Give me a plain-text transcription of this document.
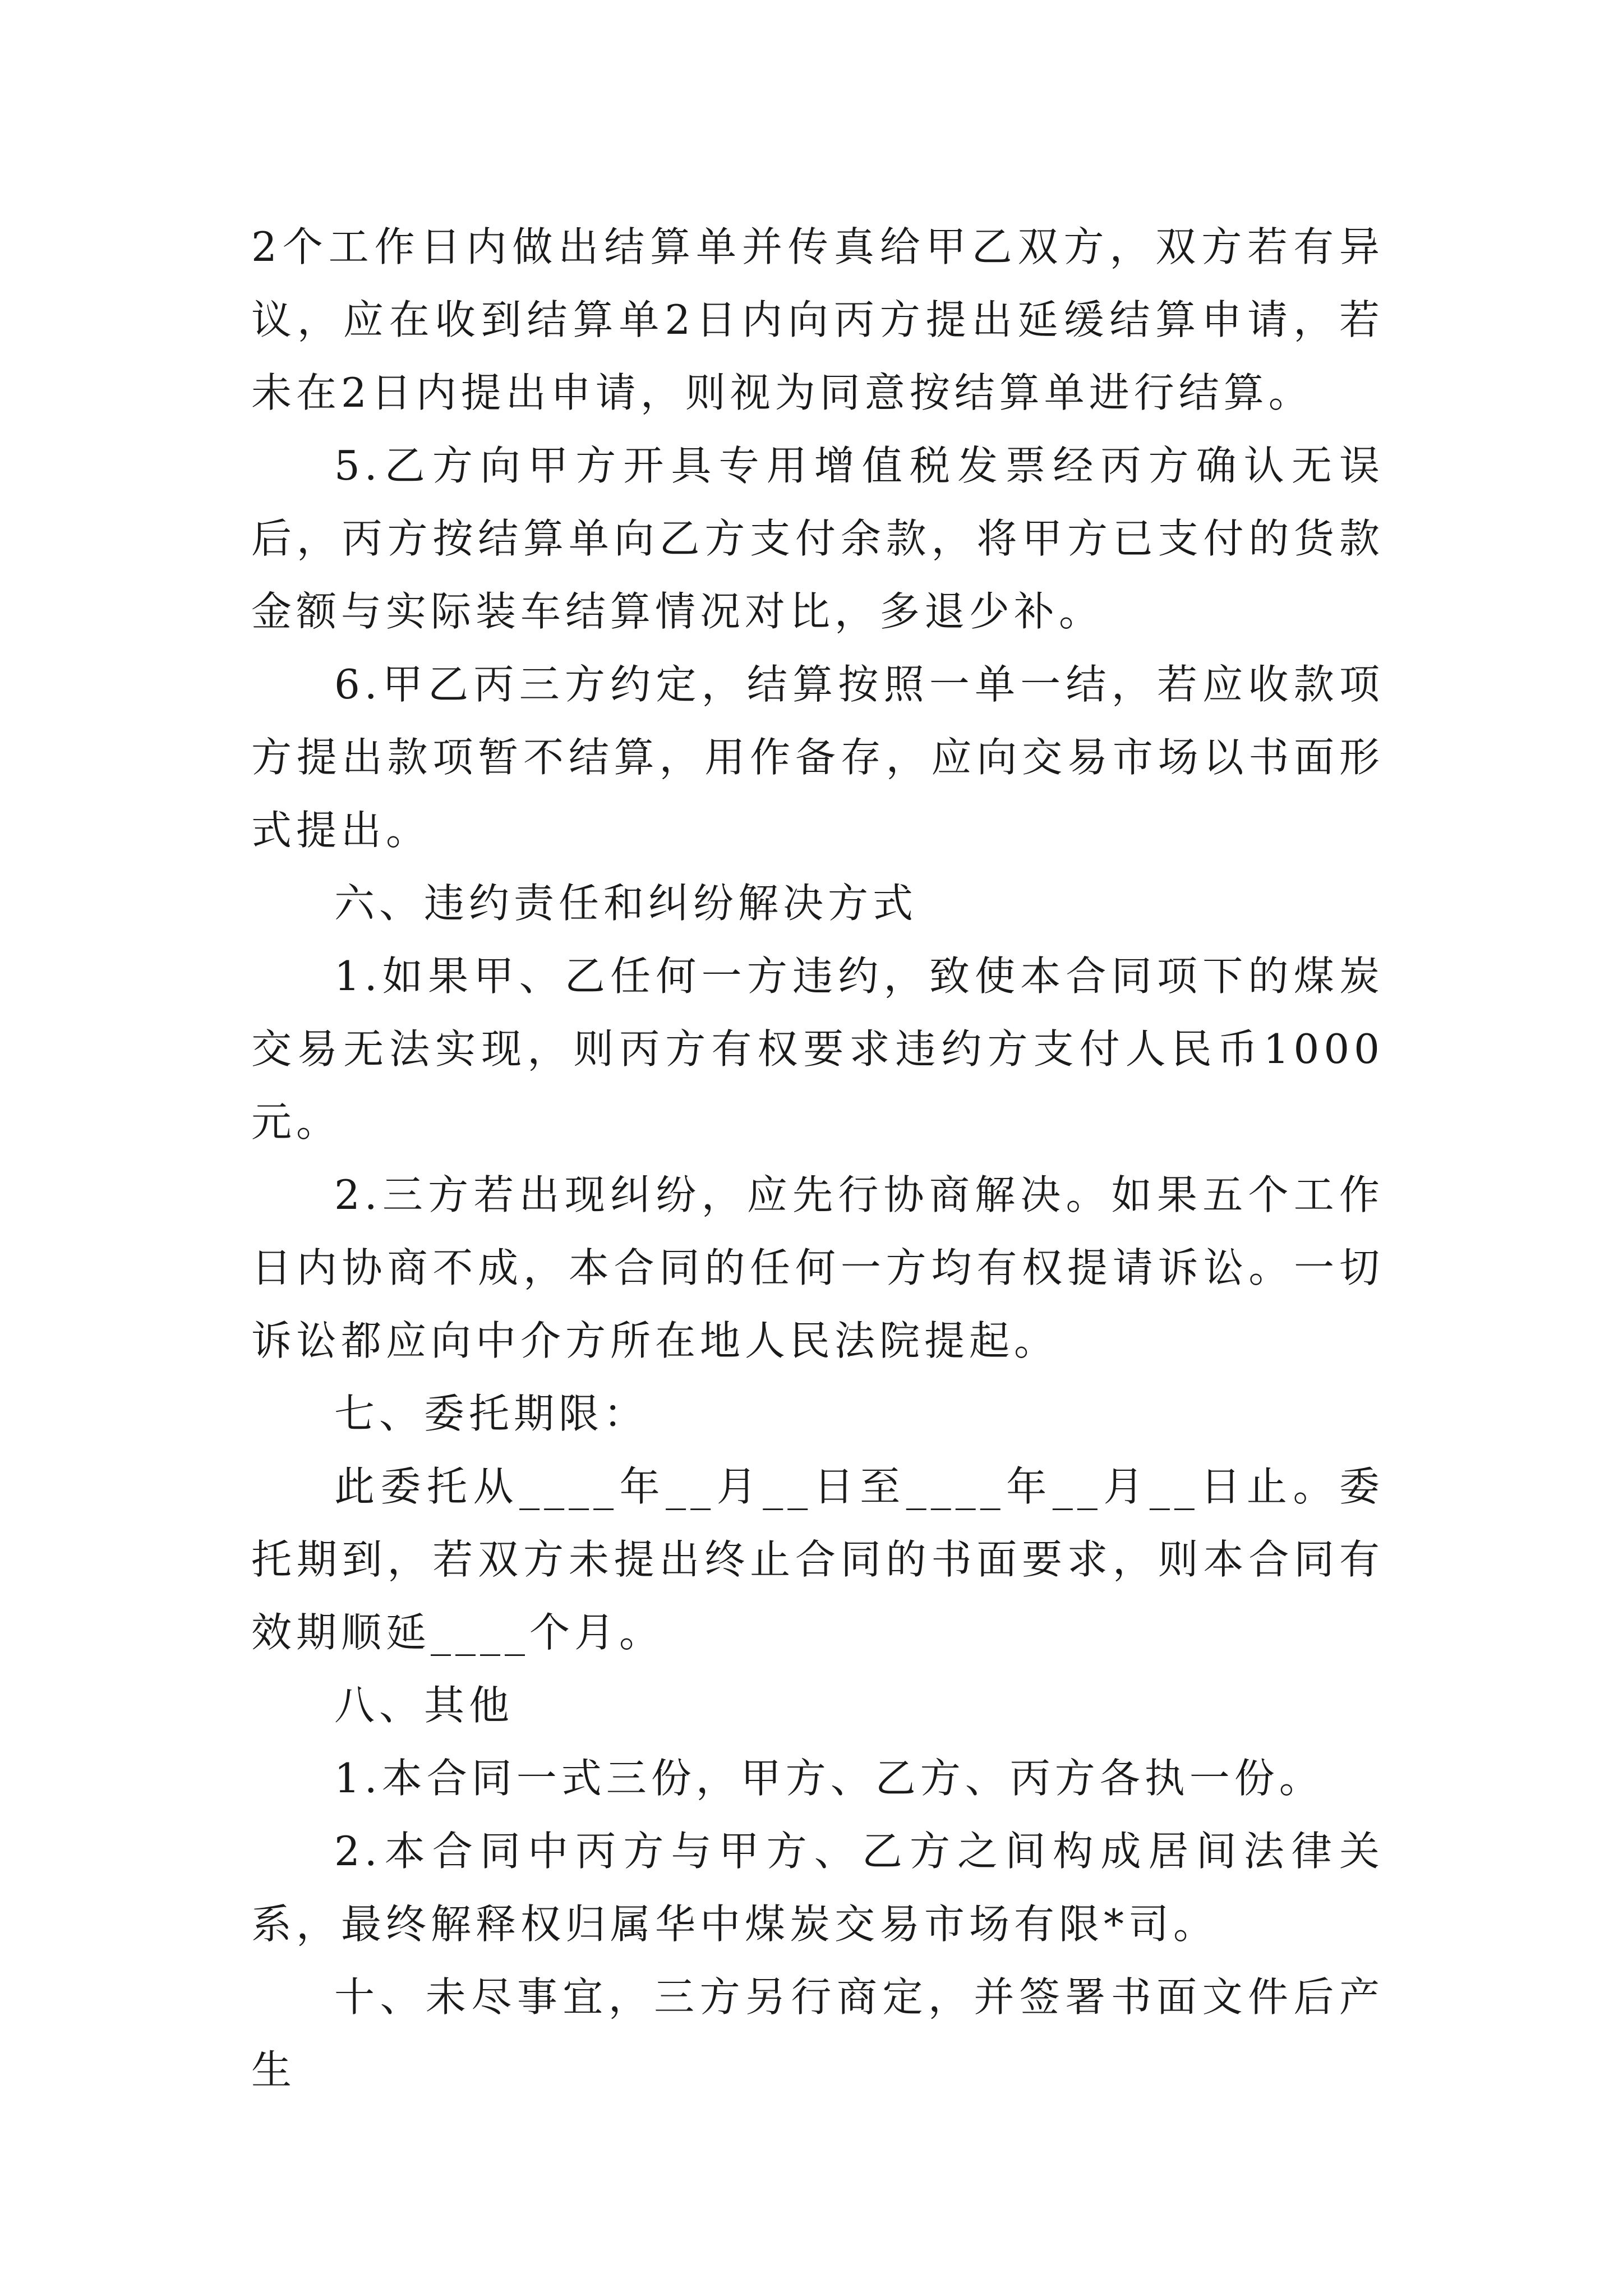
2个工作日内做出结算单并传真给甲乙双方，双方若有异议，应在收到结算单2日内向丙方提出延缓结算申请，若未在2日内提出申请，则视为同意按结算单进行结算。

5.乙方向甲方开具专用增值税发票经丙方确认无误后，丙方按结算单向乙方支付余款，将甲方已支付的货款金额与实际装车结算情况对比，多退少补。

6.甲乙丙三方约定，结算按照一单一结，若应收款项方提出款项暂不结算，用作备存，应向交易市场以书面形式提出。

六、违约责任和纠纷解决方式

1.如果甲、乙任何一方违约，致使本合同项下的煤炭交易无法实现，则丙方有权要求违约方支付人民币1000元。

2.三方若出现纠纷，应先行协商解决。如果五个工作日内协商不成，本合同的任何一方均有权提请诉讼。一切诉讼都应向中介方所在地人民法院提起。

七、委托期限：

此委托从____年__月__日至____年__月__日止。委托期到，若双方未提出终止合同的书面要求，则本合同有效期顺延____个月。

八、其他

1.本合同一式三份，甲方、乙方、丙方各执一份。

2.本合同中丙方与甲方、乙方之间构成居间法律关系，最终解释权归属华中煤炭交易市场有限*司。

十、未尽事宜，三方另行商定，并签署书面文件后产生
